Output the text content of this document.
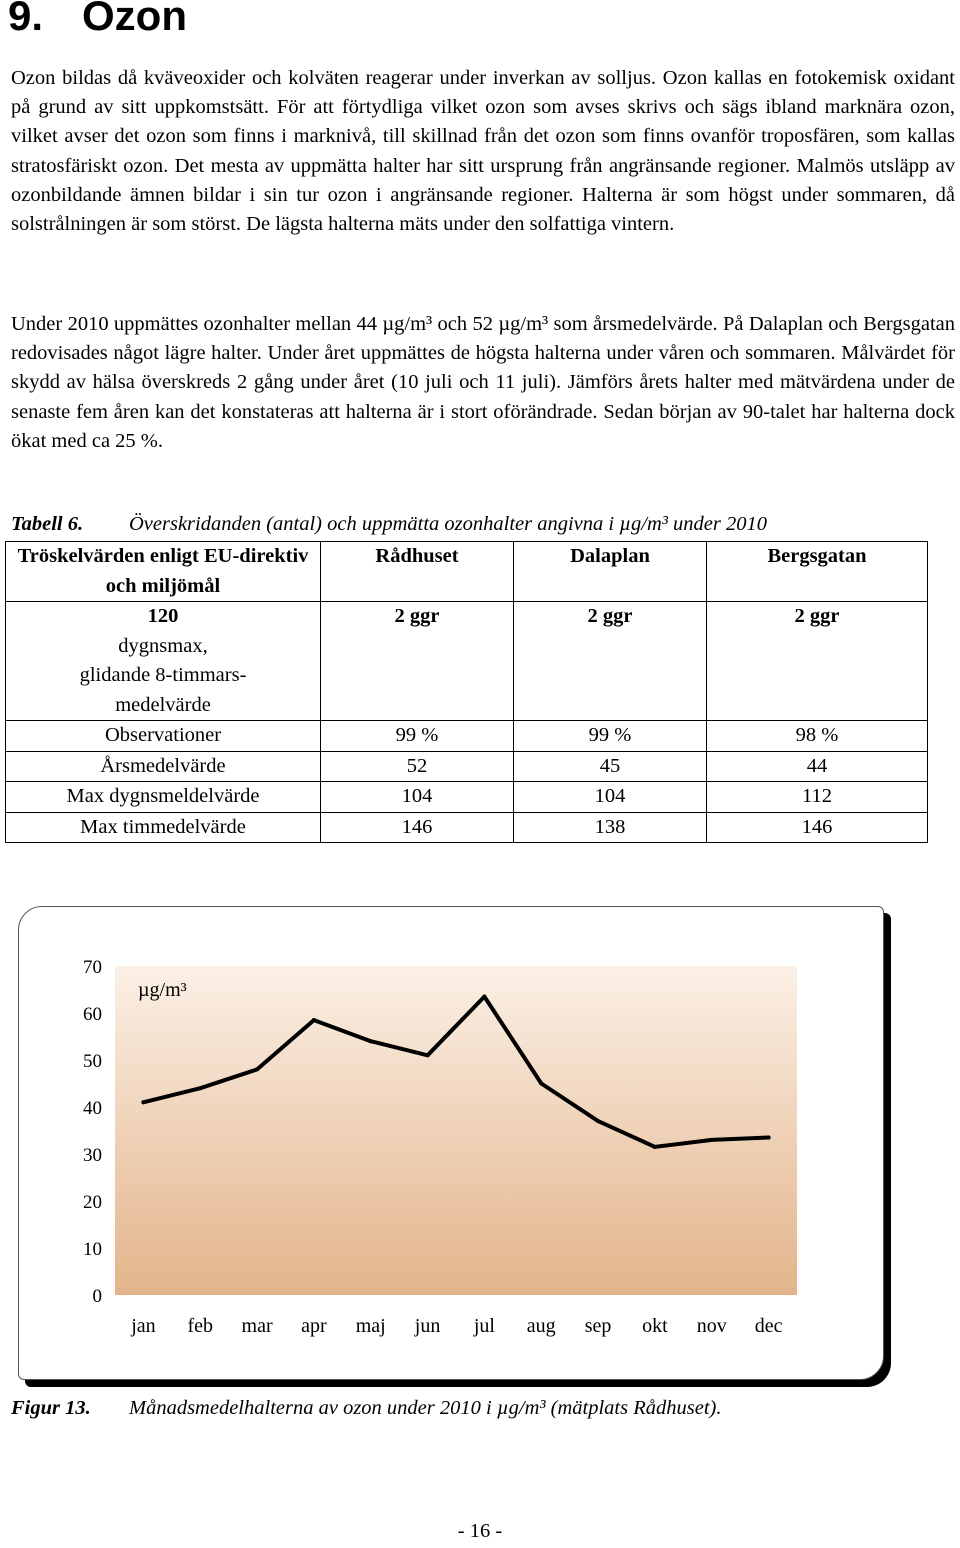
9. Ozon

Ozon bildas då kväveoxider och kolväten reagerar under inverkan av solljus. Ozon kallas en fotokemisk oxidant på grund av sitt uppkomstsätt. För att förtydliga vilket ozon som avses skrivs och sägs ibland marknära ozon, vilket avser det ozon som finns i marknivå, till skillnad från det ozon som finns ovanför troposfären, som kallas stratosfäriskt ozon. Det mesta av uppmätta halter har sitt ursprung från angränsande regioner. Malmös utsläpp av ozonbildande ämnen bildar i sin tur ozon i angränsande regioner. Halterna är som högst under sommaren, då solstrålningen är som störst. De lägsta halterna mäts under den solfattiga vintern.

Under 2010 uppmättes ozonhalter mellan 44 µg/m³ och 52 µg/m³ som årsmedelvärde. På Dalaplan och Bergsgatan redovisades något lägre halter. Under året uppmättes de högsta halterna under våren och sommaren. Målvärdet för skydd av hälsa överskreds 2 gång under året (10 juli och 11 juli). Jämförs årets halter med mätvärdena under de senaste fem åren kan det konstateras att halterna är i stort oförändrade. Sedan början av 90-talet har halterna dock ökat med ca 25 %.

Tabell 6. Överskridanden (antal) och uppmätta ozonhalter angivna i µg/m³ under 2010
Tröskelvärden enligt EU-direktiv och miljömål	Rådhuset	Dalaplan	Bergsgatan

120
dygnsmax,
glidande 8-timmars-
medelvärde	2 ggr	2 ggr	2 ggr
Observationer	99 %	99 %	98 %
Årsmedelvärde	52	45	44
Max dygnsmeldelvärde	104	104	112
Max timmedelvärde	146	138	146
0
10
20
30
40
50
60
70
jan feb mar apr maj jun jul aug sep okt nov dec
µg/m³
Figur 13. Månadsmedelhalterna av ozon under 2010 i µg/m³ (mätplats Rådhuset).
- 16 -
